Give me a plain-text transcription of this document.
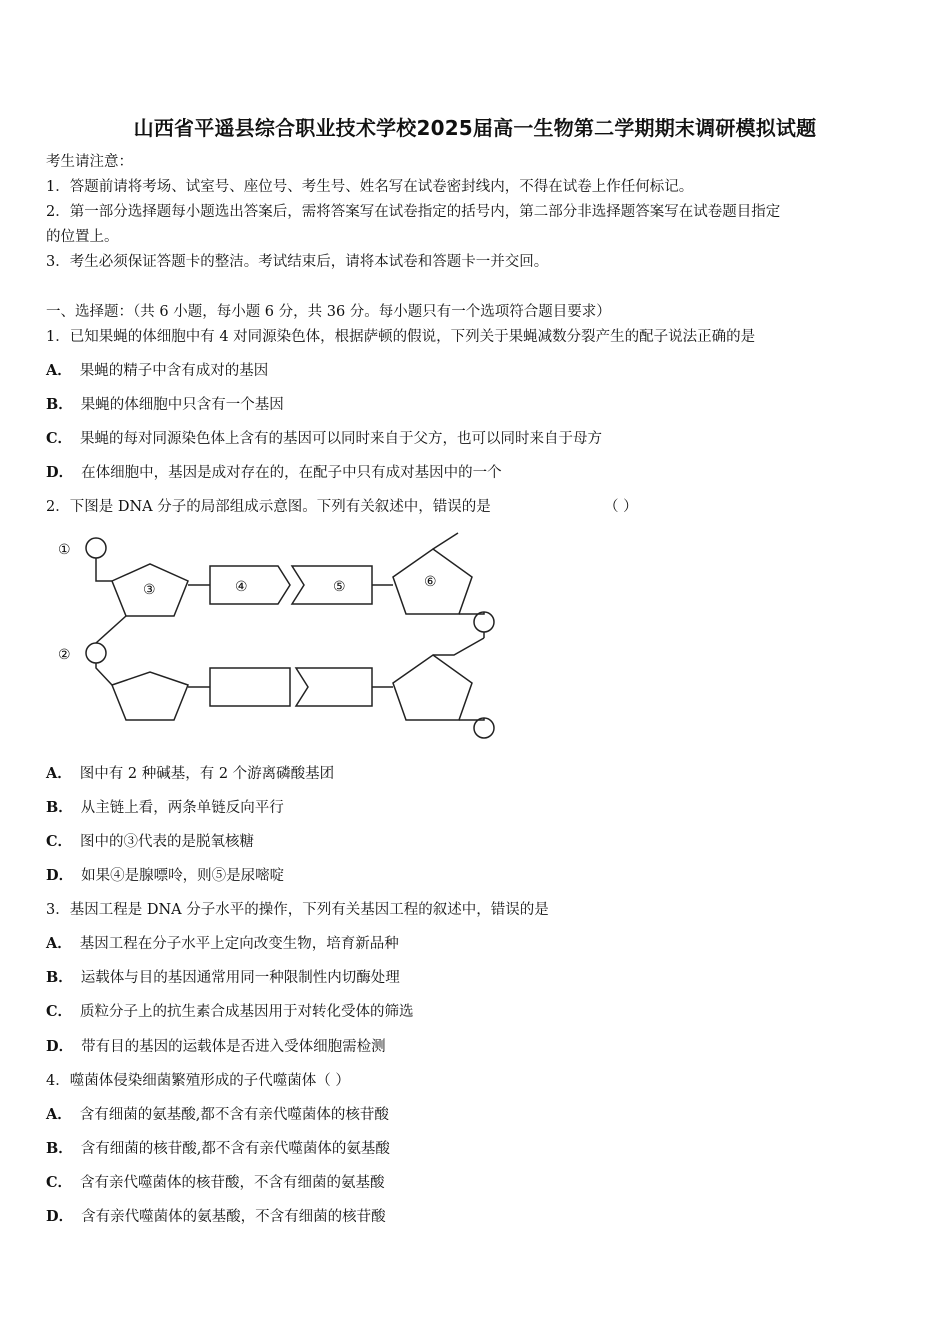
山西省平遥县综合职业技术学校2025届高一生物第二学期期末调研模拟试题
考生请注意：
1．答题前请将考场、试室号、座位号、考生号、姓名写在试卷密封线内，不得在试卷上作任何标记。
2．第一部分选择题每小题选出答案后，需将答案写在试卷指定的括号内，第二部分非选择题答案写在试卷题目指定
的位置上。
3．考生必须保证答题卡的整洁。考试结束后，请将本试卷和答题卡一并交回。
一、选择题：（共 6 小题，每小题 6 分，共 36 分。每小题只有一个选项符合题目要求）
1．已知果蝇的体细胞中有 4 对同源染色体，根据萨顿的假说，下列关于果蝇减数分裂产生的配子说法正确的是
A． 果蝇的精子中含有成对的基因
B． 果蝇的体细胞中只含有一个基因
C． 果蝇的每对同源染色体上含有的基因可以同时来自于父方，也可以同时来自于母方
D． 在体细胞中，基因是成对存在的，在配子中只有成对基因中的一个
2．下图是 DNA 分子的局部组成示意图。下列有关叙述中，错误的是	（ ）
①
②
③	④	⑤	⑥
A． 图中有 2 种碱基，有 2 个游离磷酸基团
B． 从主链上看，两条单链反向平行
C． 图中的③代表的是脱氧核糖
D． 如果④是腺嘌呤，则⑤是尿嘧啶
3．基因工程是 DNA 分子水平的操作，下列有关基因工程的叙述中，错误的是
A． 基因工程在分子水平上定向改变生物，培育新品种
B． 运载体与目的基因通常用同一种限制性内切酶处理
C． 质粒分子上的抗生素合成基因用于对转化受体的筛选
D． 带有目的基因的运载体是否进入受体细胞需检测
4．噬菌体侵染细菌繁殖形成的子代噬菌体（ ）
A． 含有细菌的氨基酸,都不含有亲代噬菌体的核苷酸
B． 含有细菌的核苷酸,都不含有亲代噬菌体的氨基酸
C． 含有亲代噬菌体的核苷酸，不含有细菌的氨基酸
D． 含有亲代噬菌体的氨基酸，不含有细菌的核苷酸
